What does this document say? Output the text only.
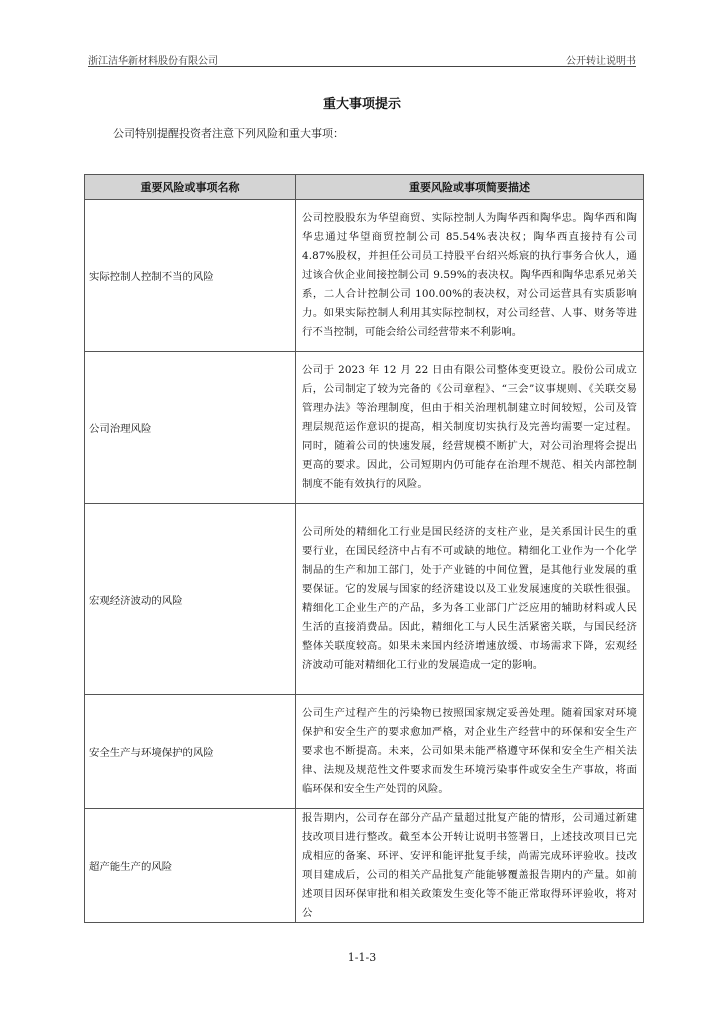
浙江洁华新材料股份有限公司	公开转让说明书
重大事项提示
公司特别提醒投资者注意下列风险和重大事项：
重要风险或事项名称	重要风险或事项简要描述
实际控制人控制不当的风险	公司控股股东为华望商贸、实际控制人为陶华西和陶华忠。陶华西和陶华忠通过华望商贸控制公司 85.54%表决权；陶华西直接持有公司 4.87%股权，并担任公司员工持股平台绍兴烁宸的执行事务合伙人，通过该合伙企业间接控制公司 9.59%的表决权。陶华西和陶华忠系兄弟关系，二人合计控制公司 100.00%的表决权，对公司运营具有实质影响力。如果实际控制人利用其实际控制权，对公司经营、人事、财务等进行不当控制，可能会给公司经营带来不利影响。
公司治理风险	公司于 2023 年 12 月 22 日由有限公司整体变更设立。股份公司成立后，公司制定了较为完备的《公司章程》、“三会”议事规则、《关联交易管理办法》等治理制度，但由于相关治理机制建立时间较短，公司及管理层规范运作意识的提高，相关制度切实执行及完善均需要一定过程。同时，随着公司的快速发展，经营规模不断扩大，对公司治理将会提出更高的要求。因此，公司短期内仍可能存在治理不规范、相关内部控制制度不能有效执行的风险。
宏观经济波动的风险	公司所处的精细化工行业是国民经济的支柱产业，是关系国计民生的重要行业，在国民经济中占有不可或缺的地位。精细化工业作为一个化学制品的生产和加工部门，处于产业链的中间位置，是其他行业发展的重要保证。它的发展与国家的经济建设以及工业发展速度的关联性很强。精细化工企业生产的产品，多为各工业部门广泛应用的辅助材料或人民生活的直接消费品。因此，精细化工与人民生活紧密关联，与国民经济整体关联度较高。如果未来国内经济增速放缓、市场需求下降，宏观经济波动可能对精细化工行业的发展造成一定的影响。
安全生产与环境保护的风险	公司生产过程产生的污染物已按照国家规定妥善处理。随着国家对环境保护和安全生产的要求愈加严格，对企业生产经营中的环保和安全生产要求也不断提高。未来，公司如果未能严格遵守环保和安全生产相关法律、法规及规范性文件要求而发生环境污染事件或安全生产事故，将面临环保和安全生产处罚的风险。
超产能生产的风险	报告期内，公司存在部分产品产量超过批复产能的情形，公司通过新建技改项目进行整改。截至本公开转让说明书签署日，上述技改项目已完成相应的备案、环评、安评和能评批复手续，尚需完成环评验收。技改项目建成后，公司的相关产品批复产能能够覆盖报告期内的产量。如前述项目因环保审批和相关政策发生变化等不能正常取得环评验收，将对公
1-1-3
